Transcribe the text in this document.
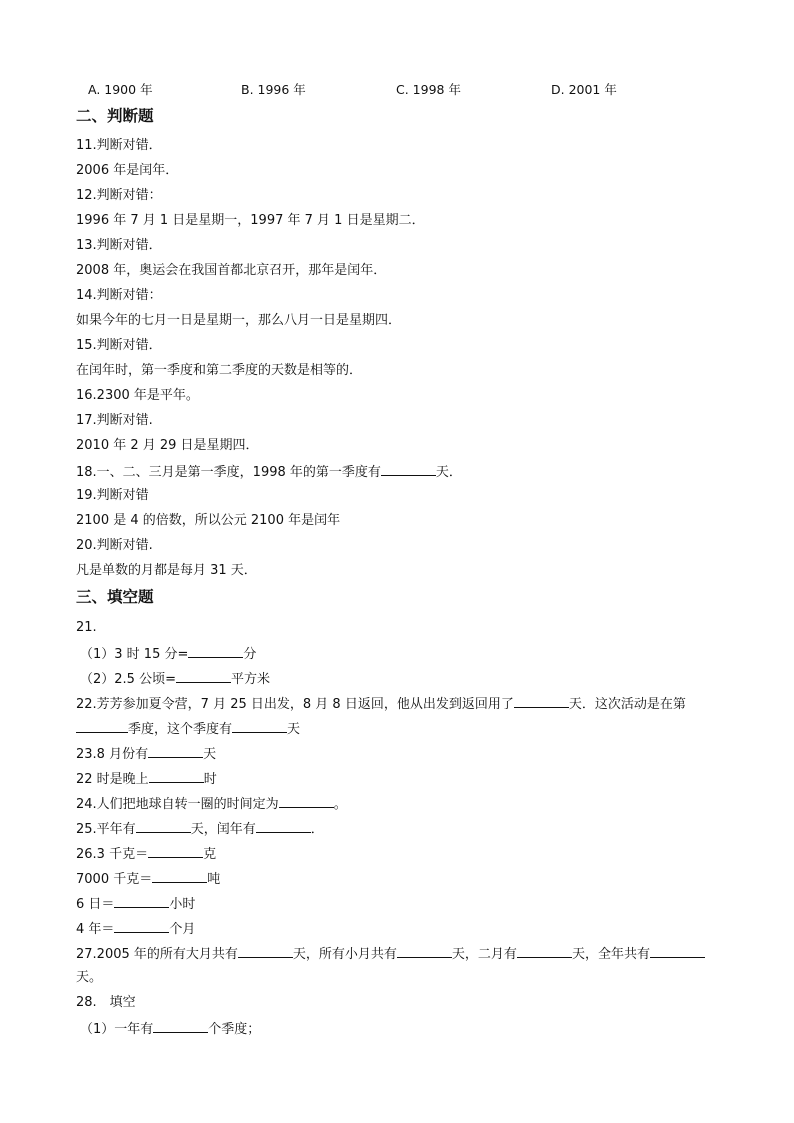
A. 1900 年	B. 1996 年	C. 1998 年	D. 2001 年
二、判断题
11.判断对错．
2006 年是闰年．
12.判断对错：
1996 年 7 月 1 日是星期一，1997 年 7 月 1 日是星期二．
13.判断对错．
2008 年，奥运会在我国首都北京召开，那年是闰年．
14.判断对错：
如果今年的七月一日是星期一，那么八月一日是星期四．
15.判断对错．
在闰年时，第一季度和第二季度的天数是相等的．
16.2300 年是平年。
17.判断对错.
2010 年 2 月 29 日是星期四．
18.一、二、三月是第一季度，1998 年的第一季度有	天．
19.判断对错
2100 是 4 的倍数，所以公元 2100 年是闰年
20.判断对错.
凡是单数的月都是每月 31 天．
三、填空题
21.
（1）3 时 15 分=	分
（2）2.5 公顷=	平方米
22.芳芳参加夏令营，7 月 25 日出发，8 月 8 日返回，他从出发到返回用了	天．这次活动是在第
季度，这个季度有	天
23.8 月份有	天
22 时是晚上	时
24.人们把地球自转一圈的时间定为	。
25.平年有	天，闰年有	．
26.3 千克＝	克
7000 千克＝	吨
6 日＝	小时
4 年＝	个月
27.2005 年的所有大月共有	天，所有小月共有	天，二月有	天，全年共有
天。
28.　填空
（1）一年有	个季度；
